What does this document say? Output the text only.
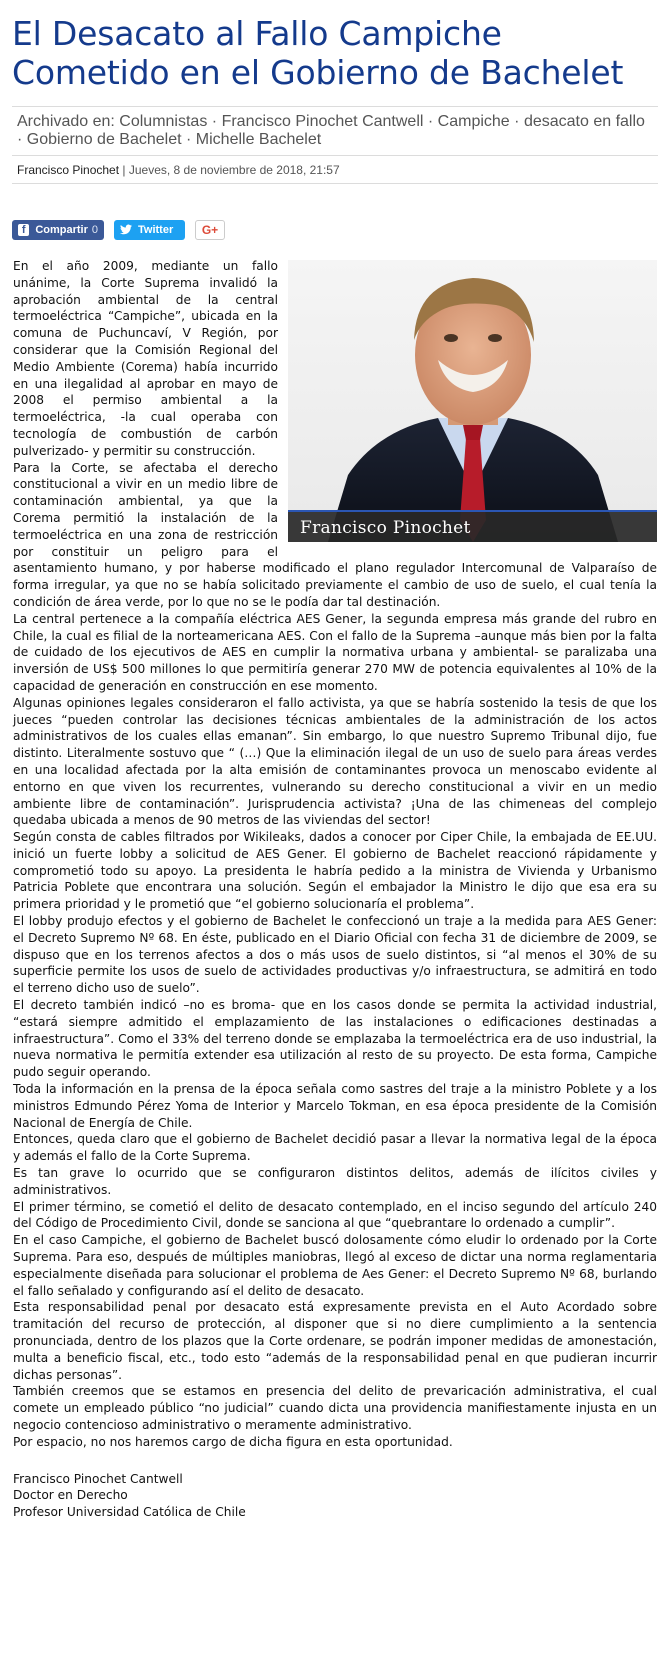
El Desacato al Fallo Campiche Cometido en el Gobierno de Bachelet
Archivado en: Columnistas · Francisco Pinochet Cantwell · Campiche · desacato en fallo · Gobierno de Bachelet · Michelle Bachelet
Francisco Pinochet | Jueves, 8 de noviembre de 2018, 21:57
f Compartir 0	Twitter	G+
Francisco Pinochet

En el año 2009, mediante un fallo unánime, la Corte Suprema invalidó la aprobación ambiental de la central termoeléctrica “Campiche”, ubicada en la comuna de Puchuncaví, V Región, por considerar que la Comisión Regional del Medio Ambiente (Corema) había incurrido en una ilegalidad al aprobar en mayo de 2008 el permiso ambiental a la termoeléctrica, -la cual operaba con tecnología de combustión de carbón pulverizado- y permitir su construcción.

Para la Corte, se afectaba el derecho constitucional a vivir en un medio libre de contaminación ambiental, ya que la Corema permitió la instalación de la termoeléctrica en una zona de restricción por constituir un peligro para el asentamiento humano, y por haberse modificado el plano regulador Intercomunal de Valparaíso de forma irregular, ya que no se había solicitado previamente el cambio de uso de suelo, el cual tenía la condición de área verde, por lo que no se le podía dar tal destinación.

La central pertenece a la compañía eléctrica AES Gener, la segunda empresa más grande del rubro en Chile, la cual es filial de la norteamericana AES. Con el fallo de la Suprema –aunque más bien por la falta de cuidado de los ejecutivos de AES en cumplir la normativa urbana y ambiental- se paralizaba una inversión de US$ 500 millones lo que permitiría generar 270 MW de potencia equivalentes al 10% de la capacidad de generación en construcción en ese momento.

Algunas opiniones legales consideraron el fallo activista, ya que se habría sostenido la tesis de que los jueces “pueden controlar las decisiones técnicas ambientales de la administración de los actos administrativos de los cuales ellas emanan”. Sin embargo, lo que nuestro Supremo Tribunal dijo, fue distinto. Literalmente sostuvo que “ (…) Que la eliminación ilegal de un uso de suelo para áreas verdes en una localidad afectada por la alta emisión de contaminantes provoca un menoscabo evidente al entorno en que viven los recurrentes, vulnerando su derecho constitucional a vivir en un medio ambiente libre de contaminación”. Jurisprudencia activista? ¡Una de las chimeneas del complejo quedaba ubicada a menos de 90 metros de las viviendas del sector!

Según consta de cables filtrados por Wikileaks, dados a conocer por Ciper Chile, la embajada de EE.UU. inició un fuerte lobby a solicitud de AES Gener. El gobierno de Bachelet reaccionó rápidamente y comprometió todo su apoyo. La presidenta le habría pedido a la ministra de Vivienda y Urbanismo Patricia Poblete que encontrara una solución. Según el embajador la Ministro le dijo que esa era su primera prioridad y le prometió que “el gobierno solucionaría el problema”.

El lobby produjo efectos y el gobierno de Bachelet le confeccionó un traje a la medida para AES Gener: el Decreto Supremo Nº 68. En éste, publicado en el Diario Oficial con fecha 31 de diciembre de 2009, se dispuso que en los terrenos afectos a dos o más usos de suelo distintos, si “al menos el 30% de su superficie permite los usos de suelo de actividades productivas y/o infraestructura, se admitirá en todo el terreno dicho uso de suelo”.

El decreto también indicó –no es broma- que en los casos donde se permita la actividad industrial, “estará siempre admitido el emplazamiento de las instalaciones o edificaciones destinadas a infraestructura”. Como el 33% del terreno donde se emplazaba la termoeléctrica era de uso industrial, la nueva normativa le permitía extender esa utilización al resto de su proyecto. De esta forma, Campiche pudo seguir operando.

Toda la información en la prensa de la época señala como sastres del traje a la ministro Poblete y a los ministros Edmundo Pérez Yoma de Interior y Marcelo Tokman, en esa época presidente de la Comisión Nacional de Energía de Chile.

Entonces, queda claro que el gobierno de Bachelet decidió pasar a llevar la normativa legal de la época y además el fallo de la Corte Suprema.

Es tan grave lo ocurrido que se configuraron distintos delitos, además de ilícitos civiles y administrativos.

El primer término, se cometió el delito de desacato contemplado, en el inciso segundo del artículo 240 del Código de Procedimiento Civil, donde se sanciona al que “quebrantare lo ordenado a cumplir”.

En el caso Campiche, el gobierno de Bachelet buscó dolosamente cómo eludir lo ordenado por la Corte Suprema. Para eso, después de múltiples maniobras, llegó al exceso de dictar una norma reglamentaria especialmente diseñada para solucionar el problema de Aes Gener: el Decreto Supremo Nº 68, burlando el fallo señalado y configurando así el delito de desacato.

Esta responsabilidad penal por desacato está expresamente prevista en el Auto Acordado sobre tramitación del recurso de protección, al disponer que si no diere cumplimiento a la sentencia pronunciada, dentro de los plazos que la Corte ordenare, se podrán imponer medidas de amonestación, multa a beneficio fiscal, etc., todo esto “además de la responsabilidad penal en que pudieran incurrir dichas personas”.

También creemos que se estamos en presencia del delito de prevaricación administrativa, el cual comete un empleado público “no judicial” cuando dicta una providencia manifiestamente injusta en un negocio contencioso administrativo o meramente administrativo.

Por espacio, no nos haremos cargo de dicha figura en esta oportunidad.

Francisco Pinochet Cantwell
Doctor en Derecho
Profesor Universidad Católica de Chile
